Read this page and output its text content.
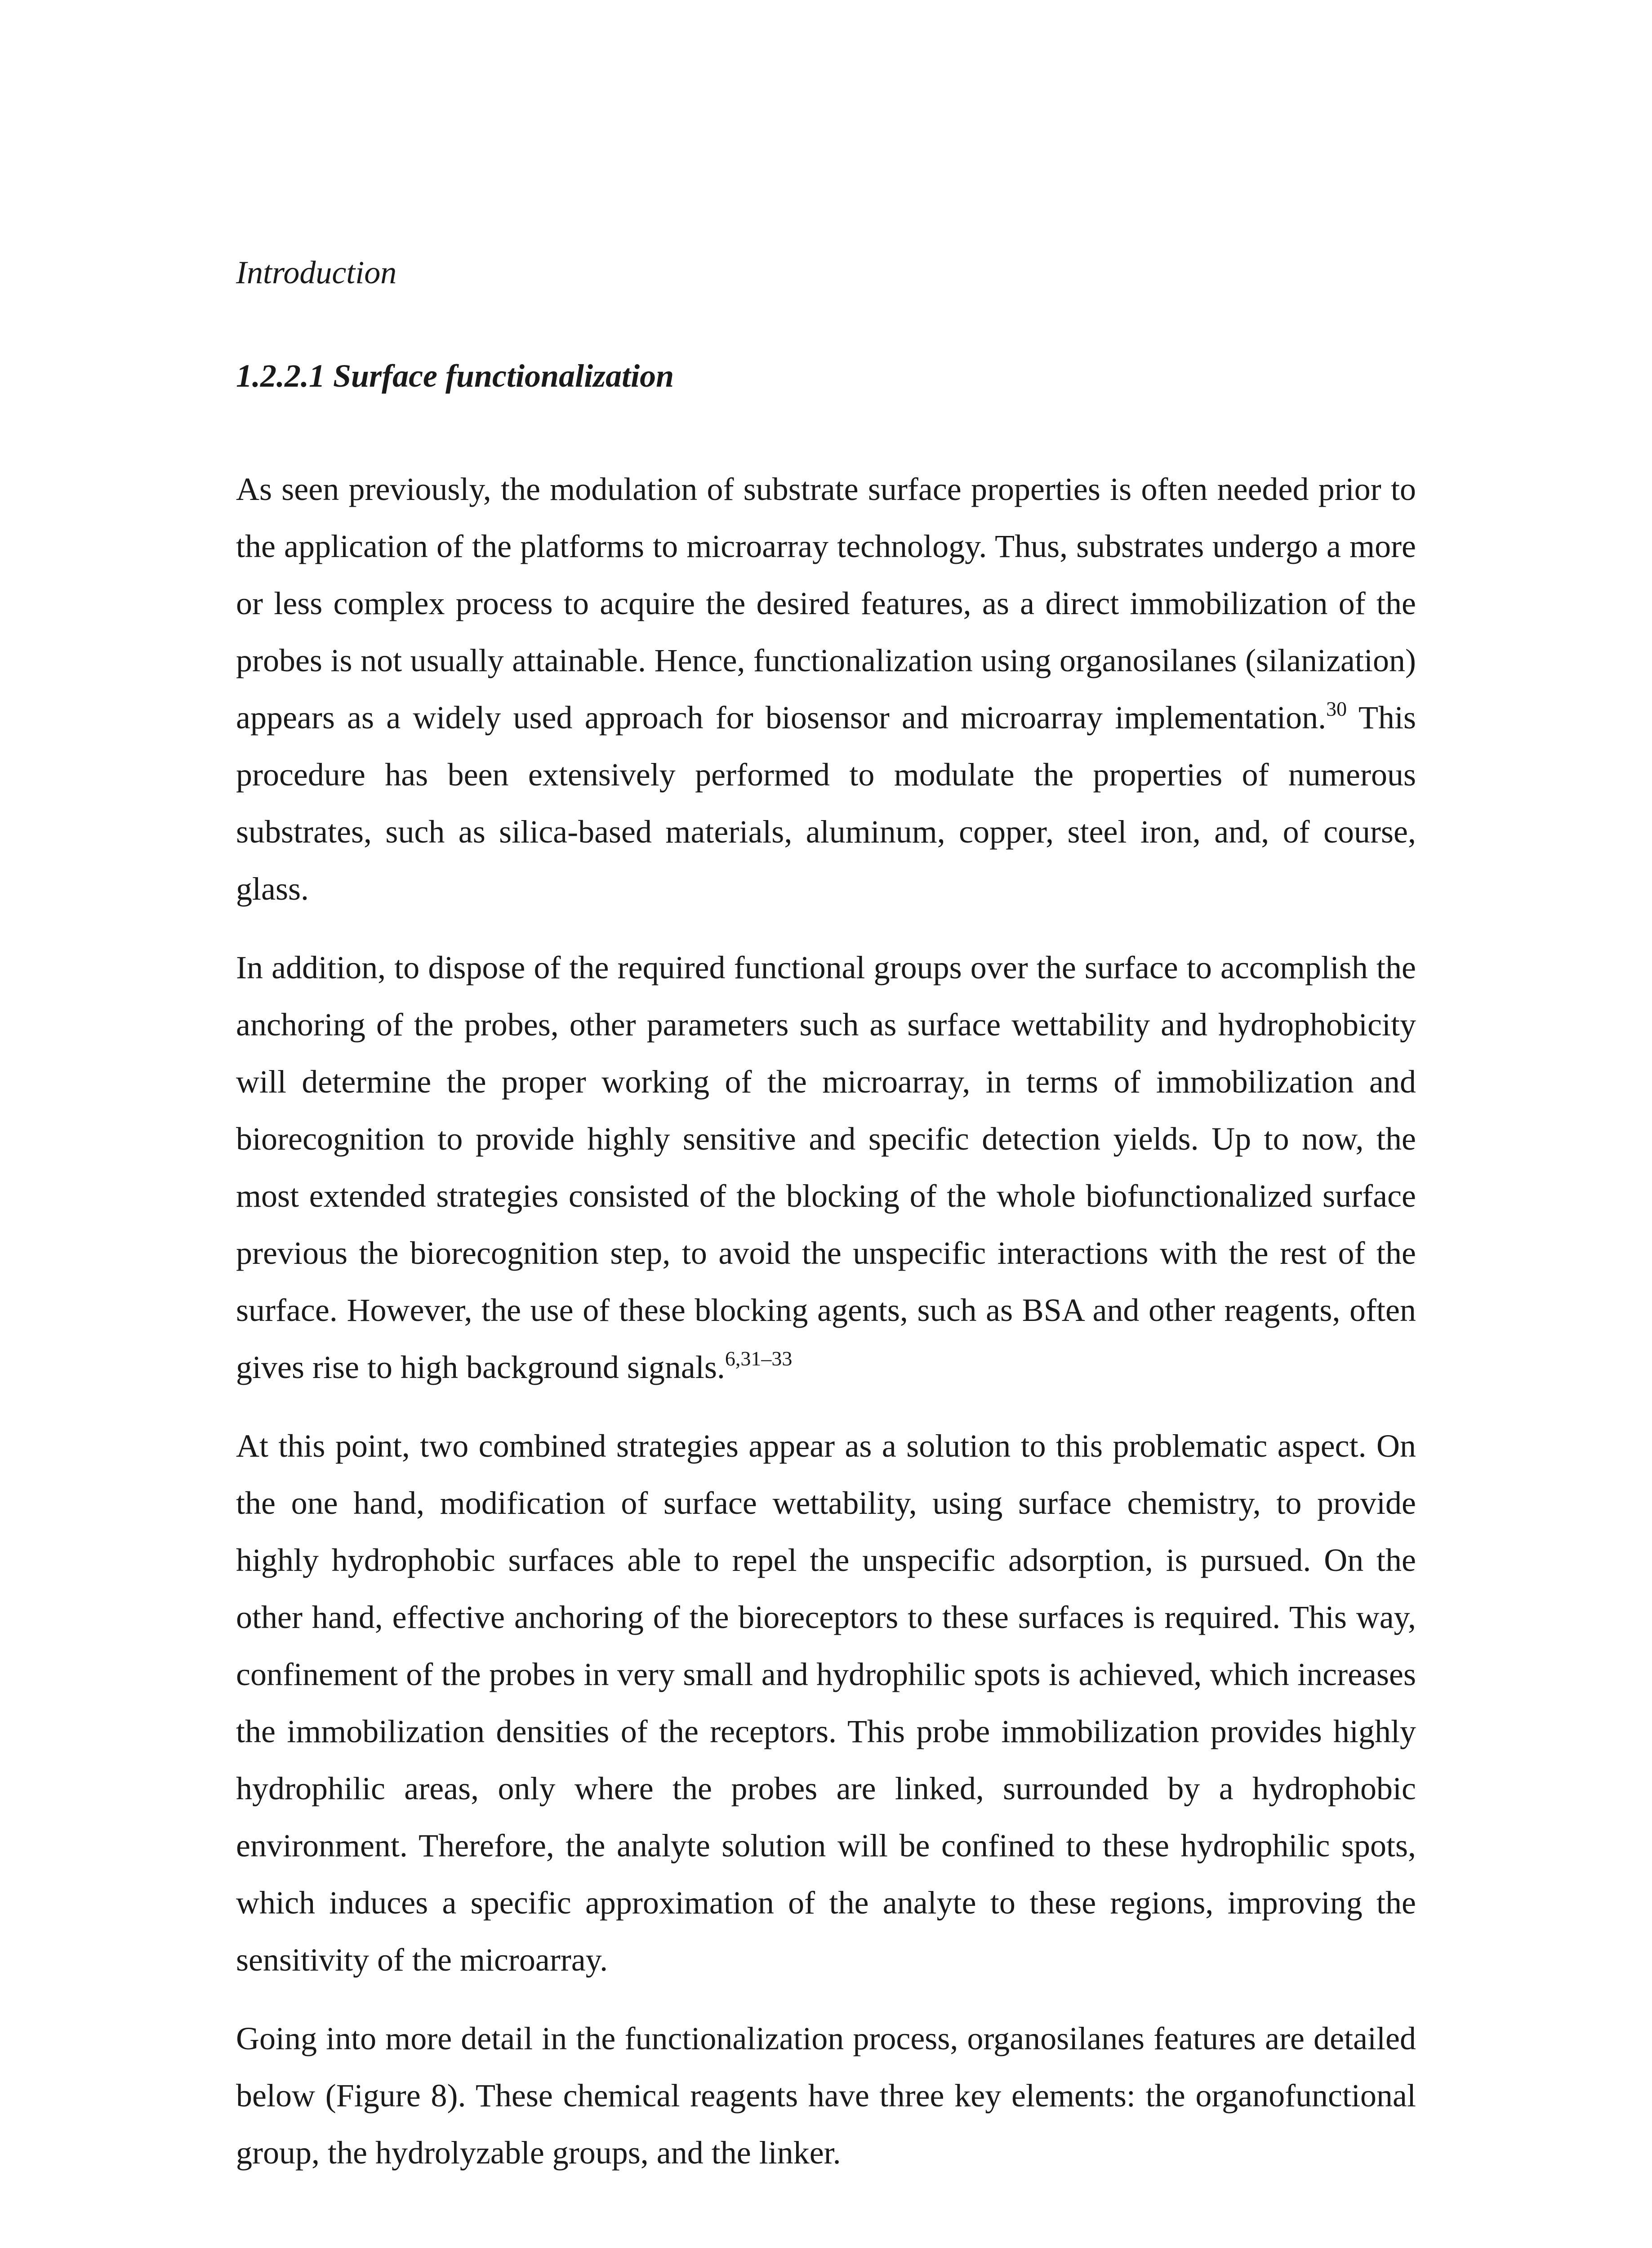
Introduction
1.2.2.1 Surface functionalization

As seen previously, the modulation of substrate surface properties is often needed prior to the application of the platforms to microarray technology. Thus, substrates undergo a more or less complex process to acquire the desired features, as a direct immobilization of the probes is not usually attainable. Hence, functionalization using organosilanes (silanization) appears as a widely used approach for biosensor and microarray implementation.$^{30}$ This procedure has been extensively performed to modulate the properties of numerous substrates, such as silica-based materials, aluminum, copper, steel iron, and, of course, glass.

In addition, to dispose of the required functional groups over the surface to accomplish the anchoring of the probes, other parameters such as surface wettability and hydrophobicity will determine the proper working of the microarray, in terms of immobilization and biorecognition to provide highly sensitive and specific detection yields. Up to now, the most extended strategies consisted of the blocking of the whole biofunctionalized surface previous the biorecognition step, to avoid the unspecific interactions with the rest of the surface. However, the use of these blocking agents, such as BSA and other reagents, often gives rise to high background signals.$^{6,31-33}$

At this point, two combined strategies appear as a solution to this problematic aspect. On the one hand, modification of surface wettability, using surface chemistry, to provide highly hydrophobic surfaces able to repel the unspecific adsorption, is pursued. On the other hand, effective anchoring of the bioreceptors to these surfaces is required. This way, confinement of the probes in very small and hydrophilic spots is achieved, which increases the immobilization densities of the receptors. This probe immobilization provides highly hydrophilic areas, only where the probes are linked, surrounded by a hydrophobic environment. Therefore, the analyte solution will be confined to these hydrophilic spots, which induces a specific approximation of the analyte to these regions, improving the sensitivity of the microarray.

Going into more detail in the functionalization process, organosilanes features are detailed below (Figure 8). These chemical reagents have three key elements: the organofunctional group, the hydrolyzable groups, and the linker.
